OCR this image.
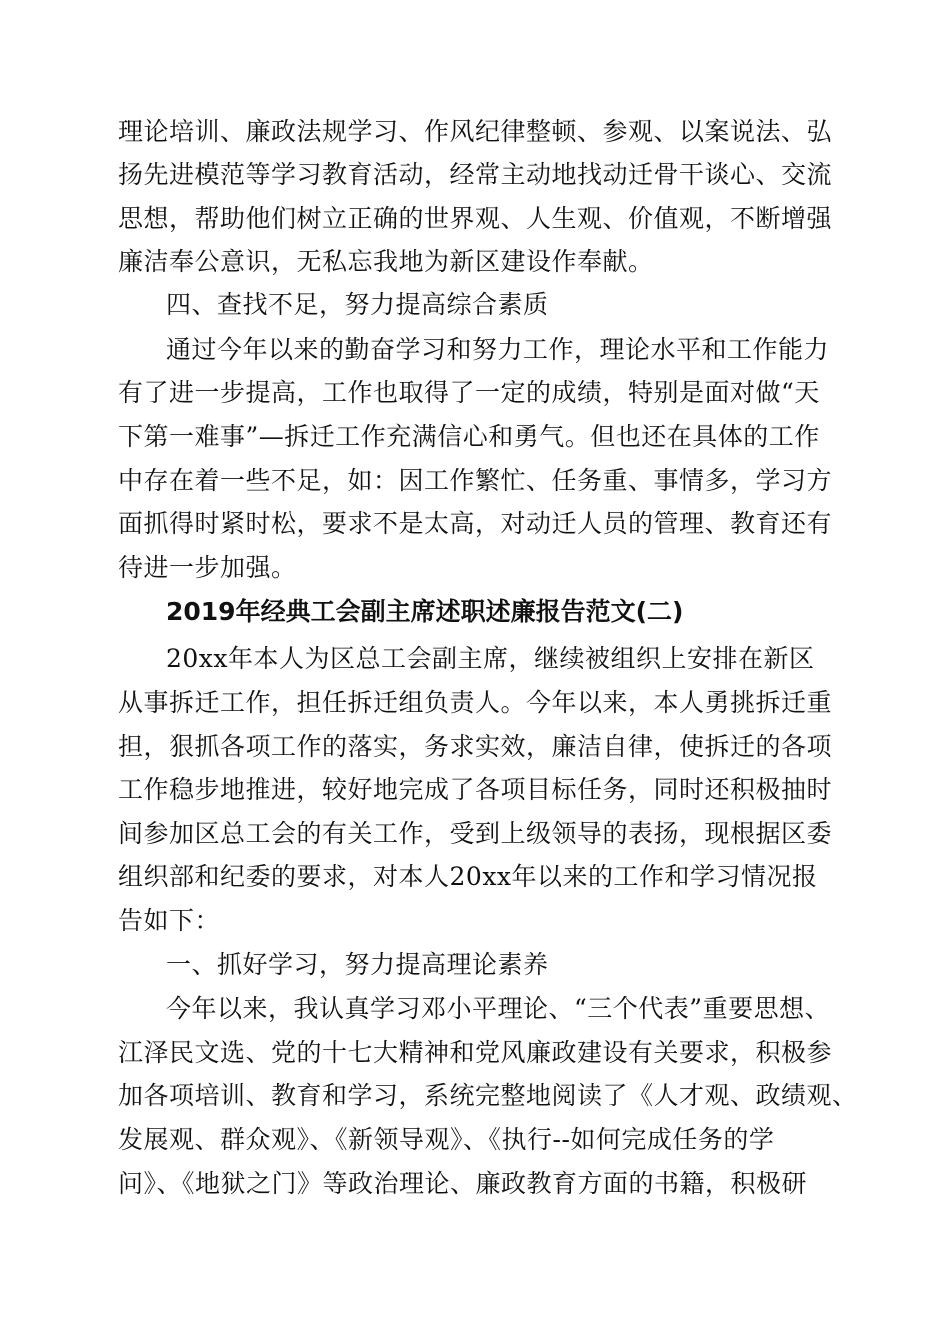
理论培训、廉政法规学习、作风纪律整顿、参观、以案说法、弘
扬先进模范等学习教育活动，经常主动地找动迁骨干谈心、交流
思想，帮助他们树立正确的世界观、人生观、价值观，不断增强
廉洁奉公意识，无私忘我地为新区建设作奉献。
四、查找不足，努力提高综合素质
通过今年以来的勤奋学习和努力工作，理论水平和工作能力
有了进一步提高，工作也取得了一定的成绩，特别是面对做“天
下第一难事”—拆迁工作充满信心和勇气。但也还在具体的工作
中存在着一些不足，如：因工作繁忙、任务重、事情多，学习方
面抓得时紧时松，要求不是太高，对动迁人员的管理、教育还有
待进一步加强。
2019年经典工会副主席述职述廉报告范文(二)
20xx年本人为区总工会副主席，继续被组织上安排在新区
从事拆迁工作，担任拆迁组负责人。今年以来，本人勇挑拆迁重
担，狠抓各项工作的落实，务求实效，廉洁自律，使拆迁的各项
工作稳步地推进，较好地完成了各项目标任务，同时还积极抽时
间参加区总工会的有关工作，受到上级领导的表扬，现根据区委
组织部和纪委的要求，对本人20xx年以来的工作和学习情况报
告如下：
一、抓好学习，努力提高理论素养
今年以来，我认真学习邓小平理论、“三个代表”重要思想、
江泽民文选、党的十七大精神和党风廉政建设有关要求，积极参
加各项培训、教育和学习，系统完整地阅读了《人才观、政绩观、
发展观、群众观》、《新领导观》、《执行--如何完成任务的学
问》、《地狱之门》等政治理论、廉政教育方面的书籍，积极研
